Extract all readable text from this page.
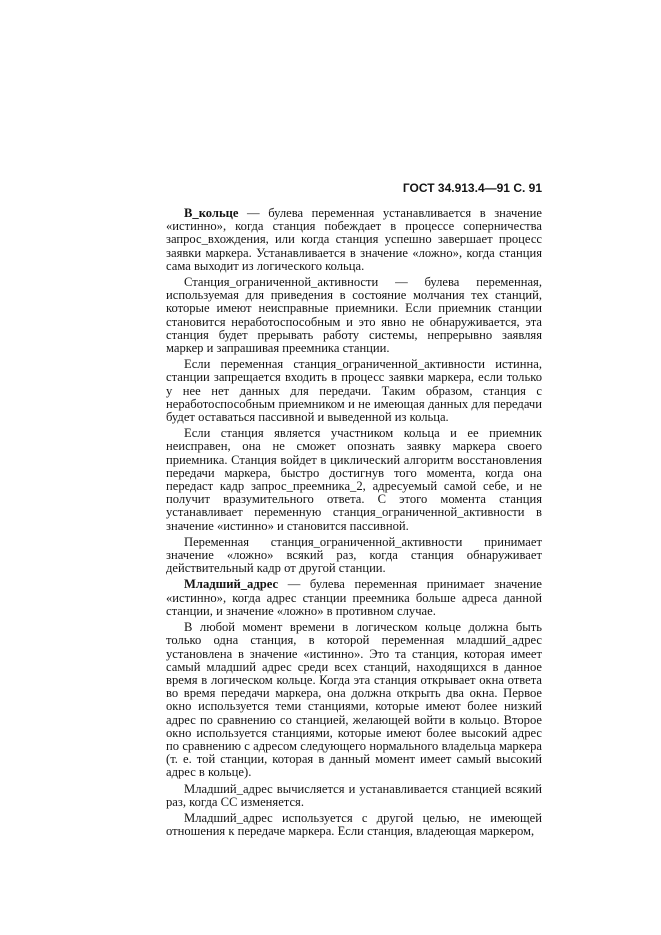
ГОСТ 34.913.4—91 С. 91

В_кольце — булева переменная устанавливается в значение «истинно», когда станция побеждает в процессе соперничества запрос_вхождения, или когда станция успешно завершает процесс заявки маркера. Устанавливается в значение «ложно», когда станция сама выходит из логического кольца.

Станция_ограниченной_активности — булева переменная, используемая для приведения в состояние молчания тех станций, которые имеют неисправные приемники. Если приемник станции становится неработоспособным и это явно не обнаруживается, эта станция будет прерывать работу системы, непрерывно заявляя маркер и запрашивая преемника станции.

Если переменная станция_ограниченной_активности истинна, станции запрещается входить в процесс заявки маркера, если только у нее нет данных для передачи. Таким образом, станция с неработоспособным приемником и не имеющая данных для передачи будет оставаться пассивной и выведенной из кольца.

Если станция является участником кольца и ее приемник неисправен, она не сможет опознать заявку маркера своего приемника. Станция войдет в циклический алгоритм восстановления передачи маркера, быстро достигнув того момента, когда она передаст кадр запрос_преемника_2, адресуемый самой себе, и не получит вразумительного ответа. С этого момента станция устанавливает переменную станция_ограниченной_активности в значение «истинно» и становится пассивной.

Переменная станция_ограниченной_активности принимает значение «ложно» всякий раз, когда станция обнаруживает действительный кадр от другой станции.

Младший_адрес — булева переменная принимает значение «истинно», когда адрес станции преемника больше адреса данной станции, и значение «ложно» в противном случае.

В любой момент времени в логическом кольце должна быть только одна станция, в которой переменная младший_адрес установлена в значение «истинно». Это та станция, которая имеет самый младший адрес среди всех станций, находящихся в данное время в логическом кольце. Когда эта станция открывает окна ответа во время передачи маркера, она должна открыть два окна. Первое окно используется теми станциями, которые имеют более низкий адрес по сравнению со станцией, желающей войти в кольцо. Второе окно используется станциями, которые имеют более высокий адрес по сравнению с адресом следующего нормального владельца маркера (т. е. той станции, которая в данный момент имеет самый высокий адрес в кольце).

Младший_адрес вычисляется и устанавливается станцией всякий раз, когда СС изменяется.

Младший_адрес используется с другой целью, не имеющей отношения к передаче маркера. Если станция, владеющая маркером,
